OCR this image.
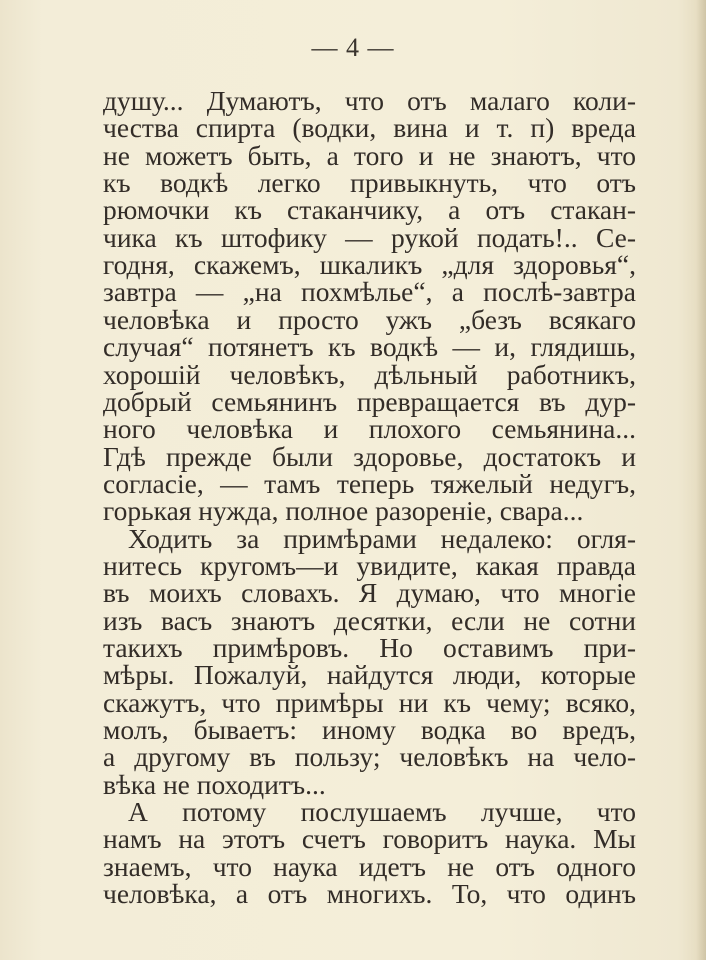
— 4 —
душу... Думаютъ, что отъ малаго коли-
чества спирта (водки, вина и т. п) вреда
не можетъ быть, а того и не знаютъ, что
къ водкѣ легко привыкнуть, что отъ
рюмочки къ стаканчику, а отъ стакан-
чика къ штофику — рукой подать!.. Се-
годня, скажемъ, шкаликъ „для здоровья“,
завтра — „на похмѣлье“, а послѣ-завтра
человѣка и просто ужъ „безъ всякаго
случая“ потянетъ къ водкѣ — и, глядишь,
хорошій человѣкъ, дѣльный работникъ,
добрый семьянинъ превращается въ дур-
ного человѣка и плохого семьянина...
Гдѣ прежде были здоровье, достатокъ и
согласіе, — тамъ теперь тяжелый недугъ,
горькая нужда, полное разореніе, свара...
Ходить за примѣрами недалеко: огля-
нитесь кругомъ—и увидите, какая правда
въ моихъ словахъ. Я думаю, что многіе
изъ васъ знаютъ десятки, если не сотни
такихъ примѣровъ. Но оставимъ при-
мѣры. Пожалуй, найдутся люди, которые
скажутъ, что примѣры ни къ чему; всяко,
молъ, бываетъ: иному водка во вредъ,
а другому въ пользу; человѣкъ на чело-
вѣка не походитъ...
А потому послушаемъ лучше, что
намъ на этотъ счетъ говоритъ наука. Мы
знаемъ, что наука идетъ не отъ одного
человѣка, а отъ многихъ. То, что одинъ
